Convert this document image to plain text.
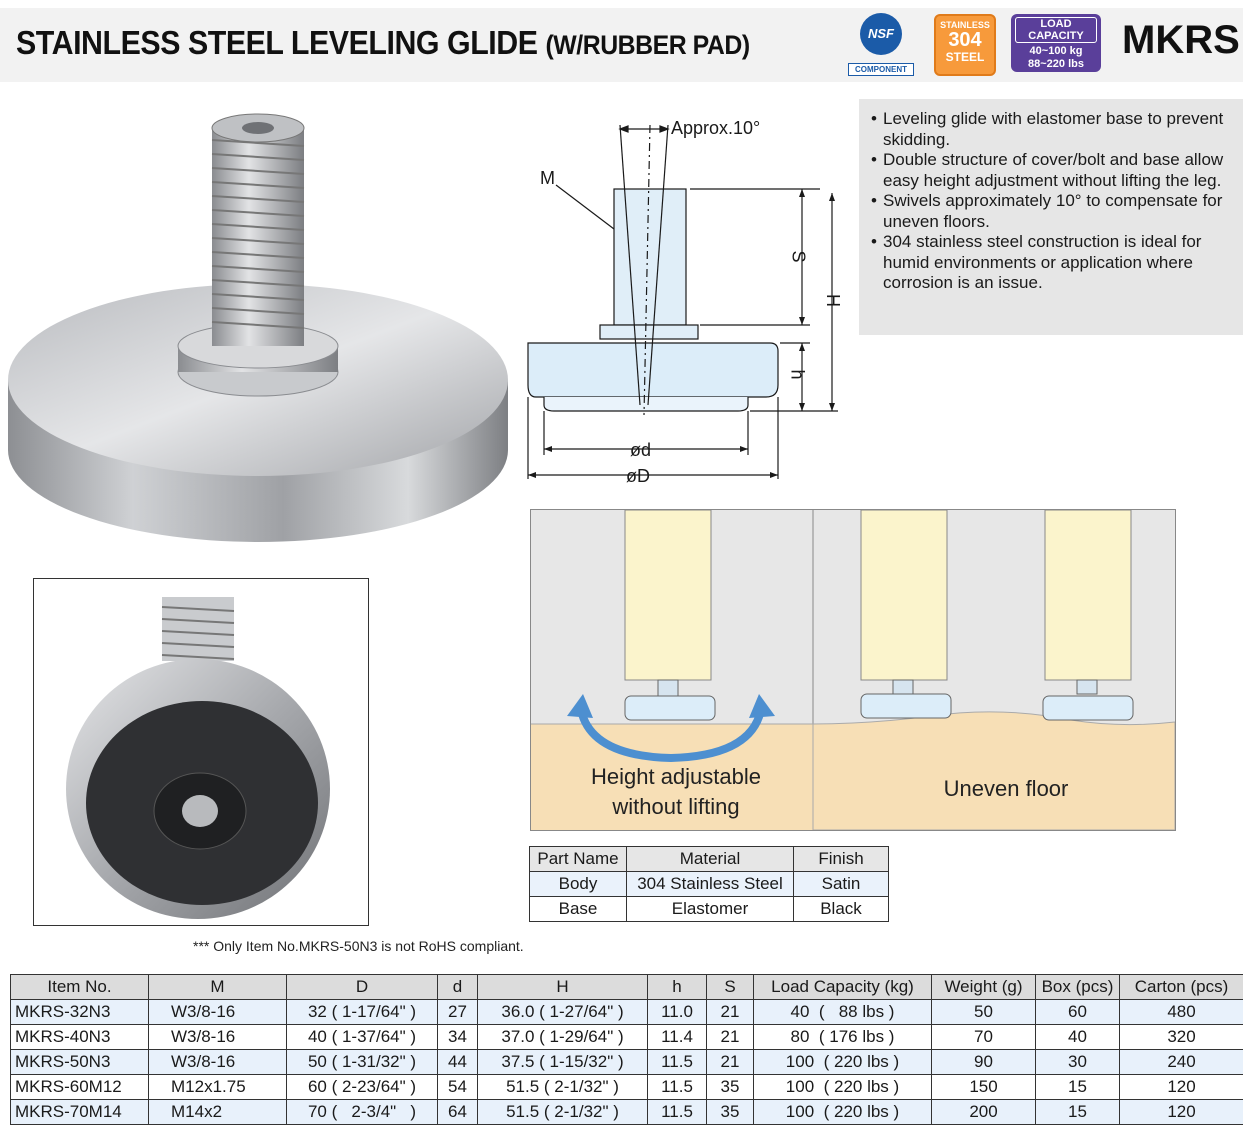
STAINLESS STEEL LEVELING GLIDE (W/RUBBER PAD)	NSF
COMPONENT
STAINLESS
304
STEEL
LOAD CAPACITY
40~100 kg
88~220 lbs
MKRS
Approx.10°
M
S
H
h
ød
øD
• Leveling glide with elastomer base to prevent skidding.
• Double structure of cover/bolt and base allow easy height adjustment without lifting the leg.
• Swivels approximately 10° to compensate for uneven floors.
• 304 stainless steel construction is ideal for humid environments or application where corrosion is an issue.
Height adjustable
without lifting
Uneven floor
Part Name	Material	Finish
Body	304 Stainless Steel	Satin
Base	Elastomer	Black
*** Only Item No.MKRS-50N3 is not RoHS compliant.
Item No.	M	D	d	H	h	S	Load Capacity (kg)	Weight (g)	Box (pcs)	Carton (pcs)
MKRS-32N3	W3/8-16	32 ( 1-17/64" )	27	36.0 ( 1-27/64" )	11.0	21	40  (   88 lbs )	50	60	480
MKRS-40N3	W3/8-16	40 ( 1-37/64" )	34	37.0 ( 1-29/64" )	11.4	21	80  ( 176 lbs )	70	40	320
MKRS-50N3	W3/8-16	50 ( 1-31/32" )	44	37.5 ( 1-15/32" )	11.5	21	100  ( 220 lbs )	90	30	240
MKRS-60M12	M12x1.75	60 ( 2-23/64" )	54	51.5 ( 2-1/32" )	11.5	35	100  ( 220 lbs )	150	15	120
MKRS-70M14	M14x2	70 (   2-3/4"   )	64	51.5 ( 2-1/32" )	11.5	35	100  ( 220 lbs )	200	15	120
